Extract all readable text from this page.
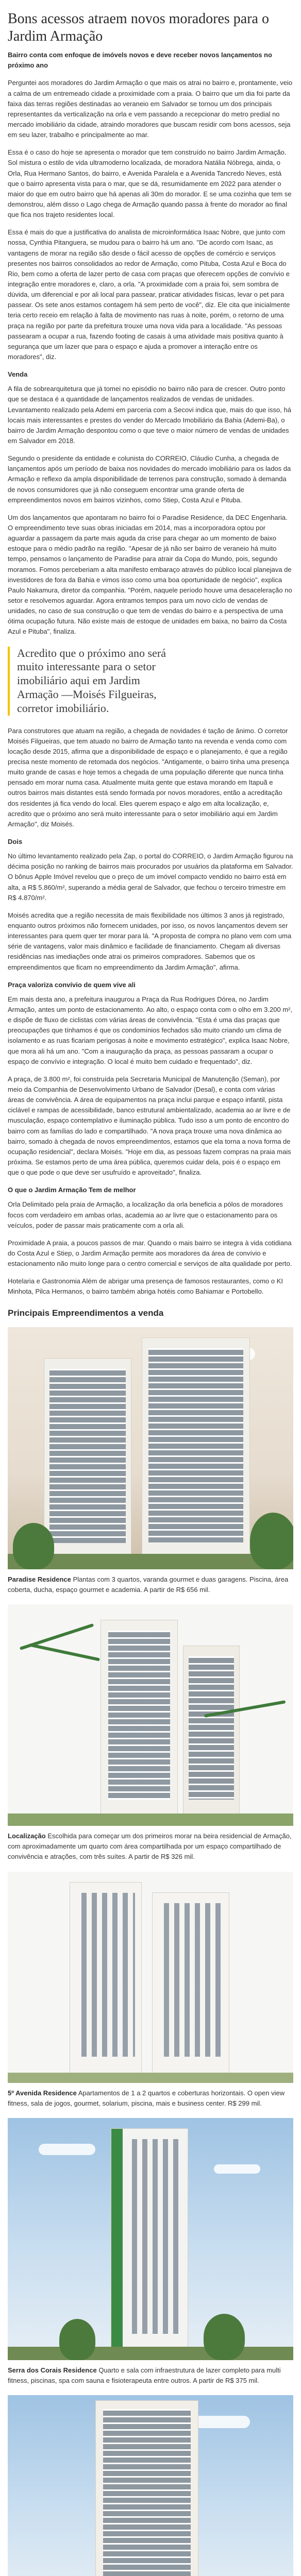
Bons acessos atraem novos moradores para o Jardim Armação

Bairro conta com enfoque de imóvels novos e deve receber novos lançamentos no próximo ano

Perguntei aos moradores do Jardim Armação o que mais os atrai no bairro e, prontamente, veio a calma de um entremeado cidade a proximidade com a praia. O bairro que um dia foi parte da faixa das terras regiões destinadas ao veraneio em Salvador se tornou um dos principais representantes da verticalização na orla e vem passando a recepcionar do metro predial no mercado imobiliário da cidade, atraindo moradores que buscam residir com bons acessos, seja em seu lazer, trabalho e principalmente ao mar.

Essa é o caso do hoje se apresenta o morador que tem construído no bairro Jardim Armação. Sol mistura o estilo de vida ultramoderno localizada, de moradora Natália Nóbrega, ainda, o Orla, Rua Hermano Santos, do bairro, e Avenida Paralela e a Avenida Tancredo Neves, está que o bairro apresenta vista para o mar, que se dá, resumidamente em 2022 para atender o maior do que em outro bairro que há apenas ali 30m do morador. E se uma cozinha que tem se demonstrou, além disso o Lago chega de Armação quando passa à frente do morador ao final que fica nos trajeto residentes local.

Essa é mais do que a justificativa do analista de microinformática Isaac Nobre, que junto com nossa, Cynthia Pitanguera, se mudou para o bairro há um ano. "De acordo com Isaac, as vantagens de morar na região são desde o fácil acesso de opções de comércio e serviços presentes nos bairros consolidados ao redor de Armação, como Pituba, Costa Azul e Boca do Rio, bem como a oferta de lazer perto de casa com praças que oferecem opções de convívio e integração entre moradores e, claro, a orla. "A proximidade com a praia foi, sem sombra de dúvida, um diferencial e por ali local para passear, praticar atividades físicas, levar o pet para passear. Os sete anos estamos contagem há sem perto de você", diz. Ele cita que inicialmente teria certo receio em relação à falta de movimento nas ruas à noite, porém, o retorno de uma praça na região por parte da prefeitura trouxe uma nova vida para a localidade. "As pessoas passearam a ocupar a rua, fazendo footing de casais à uma atividade mais positiva quanto à segurança que um lazer que para o espaço e ajuda a promover a interação entre os moradores", diz.

Venda

A fila de sobrearquitetura que já tomei no episódio no bairro não para de crescer. Outro ponto que se destaca é a quantidade de lançamentos realizados de vendas de unidades. Levantamento realizado pela Ademi em parceria com a Secovi indica que, mais do que isso, há locais mais interessantes e prestes do vender do Mercado Imobiliário da Bahia (Ademi-Ba), o bairro de Jardim Armação despontou como o que teve o maior número de vendas de unidades em Salvador em 2018.

Segundo o presidente da entidade e colunista do CORREIO, Cláudio Cunha, a chegada de lançamentos após um período de baixa nos novidades do mercado imobiliário para os lados da Armação e reflexo da ampla disponibilidade de terrenos para construção, somado à demanda de novos consumidores que já não conseguem encontrar uma grande oferta de empreendimentos novos em bairros vizinhos, como Stiep, Costa Azul e Pituba.

Um dos lançamentos que apontaram no bairro foi o Paradise Residence, da DEC Engenharia. O empreendimento teve suas obras iniciadas em 2014, mas a incorporadora optou por aguardar a passagem da parte mais aguda da crise para chegar ao um momento de baixo estoque para o médio padrão na região. "Apesar de já não ser bairro de veraneio há muito tempo, pensamos o lançamento de Paradise para atrair da Copa do Mundo, pois, segundo moramos. Fomos perceberiam a alta manifesto embaraço através do público local planejava de investidores de fora da Bahia e vimos isso como uma boa oportunidade de negócio", explica Paulo Nakamura, diretor da companhia. "Porém, naquele período houve uma desaceleração no setor e resolvemos aguardar. Agora entramos tempos para um novo ciclo de vendas de unidades, no caso de sua construção o que tem de vendas do bairro e a perspectiva de uma ótima ocupação futura. Não existe mais de estoque de unidades em baixa, no bairro da Costa Azul e Pituba", finaliza.

Acredito que o próximo ano será muito interessante para o setor imobiliário aqui em Jardim Armação —Moisés Filgueiras, corretor imobiliário.

Para construtores que atuam na região, a chegada de novidades é tação de ânimo. O corretor Moisés Filgueiras, que tem atuado no bairro de Armação tanto na revenda e venda como com locação desde 2015, afirma que a disponibilidade de espaço e o planejamento, é que a região precisa neste momento de retomada dos negócios. "Antigamente, o bairro tinha uma presença muito grande de casas e hoje temos a chegada de uma população diferente que nunca tinha pensado em morar numa casa. Atualmente muita gente que estava morando em Itapuã e outros bairros mais distantes está sendo formada por novos moradores, então a acreditação dos residentes já fica vendo do local. Eles querem espaço e algo em alta localização, e, acredito que o próximo ano será muito interessante para o setor imobiliário aqui em Jardim Armação", diz Moisés.

Dois

No último levantamento realizado pela Zap, o portal do CORREIO, o Jardim Armação figurou na décima posição no ranking de bairros mais procurados por usuários da plataforma em Salvador. O bônus Apple Imóvel revelou que o preço de um imóvel compacto vendido no bairro está em alta, a R$ 5.860/m², superando a média geral de Salvador, que fechou o terceiro trimestre em R$ 4.870/m².

Moisés acredita que a região necessita de mais flexibilidade nos últimos 3 anos já registrado, enquanto outros próximos não fornecem unidades, por isso, os novos lançamentos devem ser interessantes para quem quer ter morar para lá. "A proposta de compra no plano vem com uma série de vantagens, valor mais dinâmico e facilidade de financiamento. Chegam ali diversas residências nas imediações onde atrai os primeiros compradores. Sabemos que os empreendimentos que ficam no empreendimento da Jardim Armação", afirma.

Praça valoriza convívio de quem vive ali

Em mais desta ano, a prefeitura inaugurou a Praça da Rua Rodrigues Dórea, no Jardim Armação, antes um ponto de estacionamento. Ao alto, o espaço conta com o olho em 3.200 m², e dispõe de fluxo de ciclistas com várias áreas de convivência. "Esta é uma das praças que preocupações que tínhamos é que os condomínios fechados são muito criando um clima de isolamento e as ruas ficariam perigosas à noite e movimento estratégico", explica Isaac Nobre, que mora ali há um ano. "Com a inauguração da praça, as pessoas passaram a ocupar o espaço de convívio e integração. O local é muito bem cuidado e frequentado", diz.

A praça, de 3.800 m², foi construída pela Secretaria Municipal de Manutenção (Seman), por meio da Companhia de Desenvolvimento Urbano de Salvador (Desal), e conta com várias áreas de convivência. A área de equipamentos na praça inclui parque e espaço infantil, pista ciclável e rampas de acessibilidade, banco estrutural ambientalizado, academia ao ar livre e de musculação, espaço contemplativo e iluminação pública. Tudo isso a um ponto de encontro do bairro com as famílias do lado e compartilhado. "A nova praça trouxe uma nova dinâmica ao bairro, somado à chegada de novos empreendimentos, estamos que ela torna a nova forma de ocupação residencial", declara Moisés. "Hoje em dia, as pessoas fazem compras na praia mais próxima. Se estamos perto de uma área pública, queremos cuidar dela, pois é o espaço em que o que pode o que deve ser usufruído e aproveitado", finaliza.

O que o Jardim Armação Tem de melhor

Orla Delimitado pela praia de Armação, a localização da orla beneficia a pólos de moradores focos com verdadeiro em ambas orlas, academia ao ar livre que o estacionamento para os veículos, poder de passar mais praticamente com a orla ali.

Proximidade A praia, a poucos passos de mar. Quando o mais bairro se integra à vida cotidiana do Costa Azul e Stiep, o Jardim Armação permite aos moradores da área de convívio e estacionamento não muito longe para o centro comercial e serviços de alta qualidade por perto.

Hotelaria e Gastronomia Além de abrigar uma presença de famosos restaurantes, como o KI Minhota, Pilca Hermanos, o bairro também abriga hotéis como Bahiamar e Portobello.

Principais Empreendimentos a venda

Paradise Residence Plantas com 3 quartos, varanda gourmet e duas garagens. Piscina, área coberta, ducha, espaço gourmet e academia. A partir de R$ 656 mil.

Localização Escolhida para começar um dos primeiros morar na beira residencial de Armação, com aproximadamente um quarto com área compartilhada por um espaço compartilhado de convivência e atrações, com três suítes. A partir de R$ 326 mil.

5º Avenida Residence Apartamentos de 1 a 2 quartos e coberturas horizontais. O open view fitness, sala de jogos, gourmet, solarium, piscina, mais e business center. R$ 299 mil.

Serra dos Corais Residence Quarto e sala com infraestrutura de lazer completo para multi fitness, piscinas, spa com sauna e fisioterapeuta entre outros. A partir de R$ 375 mil.
